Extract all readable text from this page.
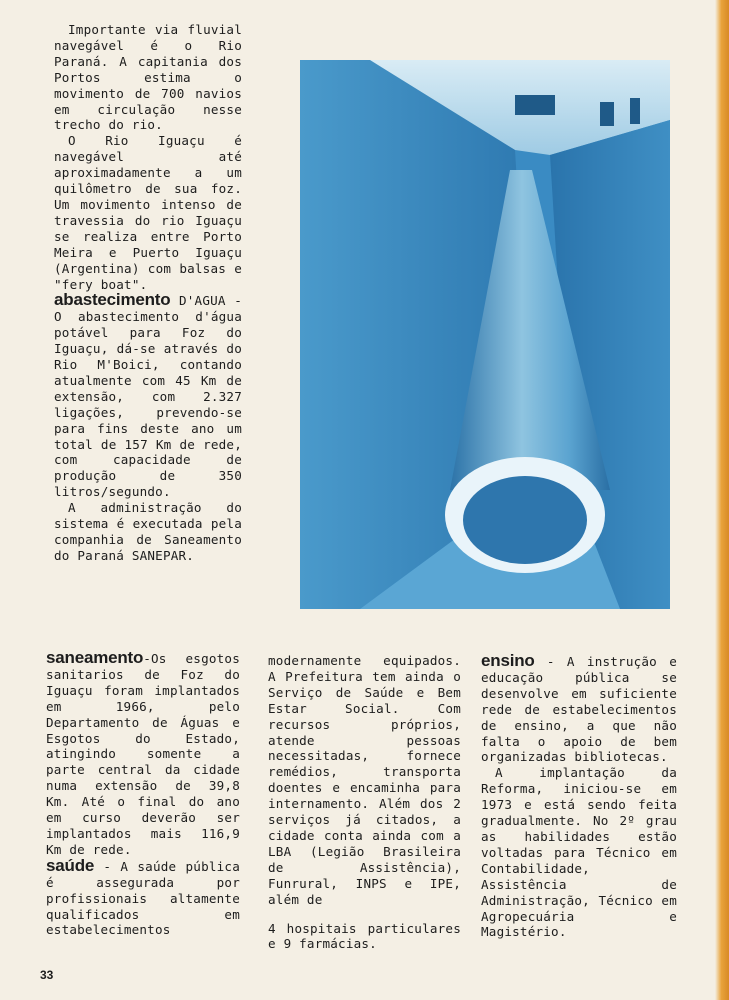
Importante via fluvial navegável é o Rio Paraná. A capitania dos Portos estima o movimento de 700 navios em circulação nesse trecho do rio.

O Rio Iguaçu é navegável até aproximadamente a um quilômetro de sua foz. Um movimento intenso de travessia do rio Iguaçu se realiza entre Porto Meira e Puerto Iguaçu (Argentina) com balsas e "fery boat".

abastecimento D'AGUA - O abastecimento d'água potável para Foz do Iguaçu, dá-se através do Rio M'Boici, contando atualmente com 45 Km de extensão, com 2.327 ligações, prevendo-se para fins deste ano um total de 157 Km de rede, com capacidade de produção de 350 litros/segundo.

A administração do sistema é executada pela companhia de Saneamento do Paraná SANEPAR.

saneamento-Os esgotos sanitarios de Foz do Iguaçu foram implantados em 1966, pelo Departamento de Águas e Esgotos do Estado, atingindo somente a parte central da cidade numa extensão de 39,8 Km. Até o final do ano em curso deverão ser implantados mais 116,9 Km de rede.

saúde - A saúde pública é assegurada por profissionais altamente qualificados em estabelecimentos

modernamente equipados. A Prefeitura tem ainda o Serviço de Saúde e Bem Estar Social. Com recursos próprios, atende pessoas necessitadas, fornece remédios, transporta doentes e encaminha para internamento. Além dos 2 serviços já citados, a cidade conta ainda com a LBA (Legião Brasileira de Assistência), Funrural, INPS e IPE, além de

4 hospitais particulares e 9 farmácias.

ensino - A instrução e educação pública se desenvolve em suficiente rede de estabelecimentos de ensino, a que não falta o apoio de bem organizadas bibliotecas.

A implantação da Reforma, iniciou-se em 1973 e está sendo feita gradualmente. No 2º grau as habilidades estão voltadas para Técnico em Contabilidade, Assistência de Administração, Técnico em Agropecuária e Magistério.

33
